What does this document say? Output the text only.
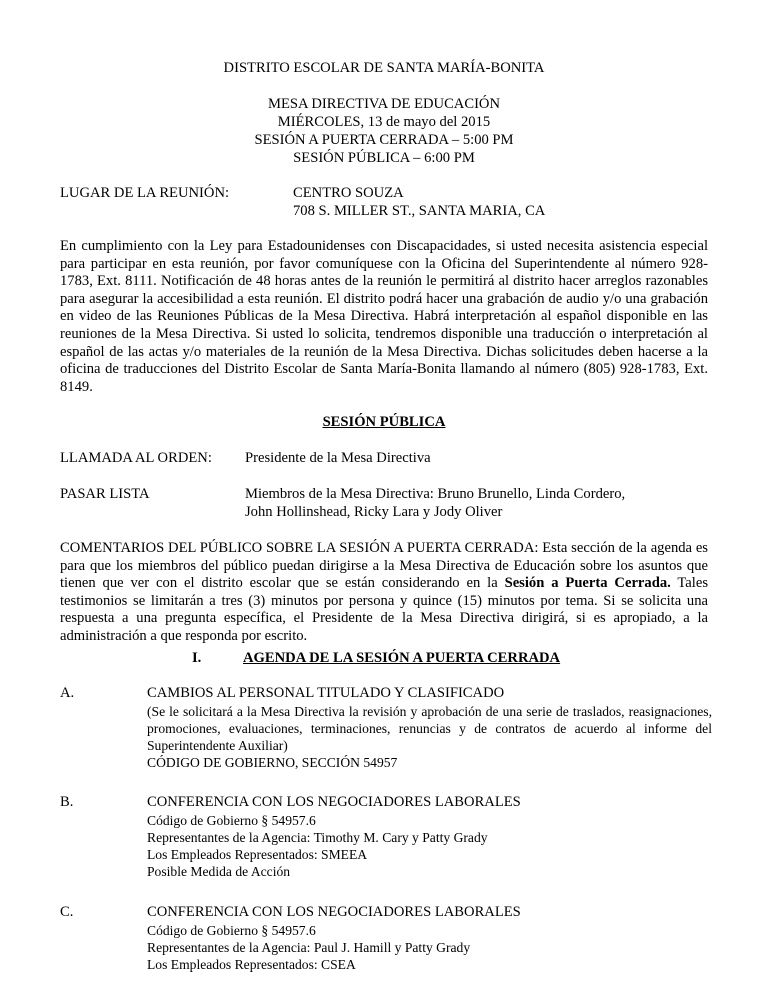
DISTRITO ESCOLAR DE SANTA MARÍA-BONITA
MESA DIRECTIVA DE EDUCACIÓN
MIÉRCOLES, 13 de mayo del 2015
SESIÓN A PUERTA CERRADA – 5:00 PM
SESIÓN PÚBLICA – 6:00 PM
LUGAR DE LA REUNIÓN:	CENTRO SOUZA
708 S. MILLER ST., SANTA MARIA, CA
En cumplimiento con la Ley para Estadounidenses con Discapacidades, si usted necesita asistencia especial para participar en esta reunión, por favor comuníquese con la Oficina del Superintendente al número 928-1783, Ext. 8111. Notificación de 48 horas antes de la reunión le permitirá al distrito hacer arreglos razonables para asegurar la accesibilidad a esta reunión. El distrito podrá hacer una grabación de audio y/o una grabación en video de las Reuniones Públicas de la Mesa Directiva. Habrá interpretación al español disponible en las reuniones de la Mesa Directiva. Si usted lo solicita, tendremos disponible una traducción o interpretación al español de las actas y/o materiales de la reunión de la Mesa Directiva. Dichas solicitudes deben hacerse a la oficina de traducciones del Distrito Escolar de Santa María-Bonita llamando al número (805) 928-1783, Ext. 8149.
SESIÓN PÚBLICA
LLAMADA AL ORDEN: Presidente de la Mesa Directiva
PASAR LISTA	Miembros de la Mesa Directiva: Bruno Brunello, Linda Cordero,
John Hollinshead, Ricky Lara y Jody Oliver
COMENTARIOS DEL PÚBLICO SOBRE LA SESIÓN A PUERTA CERRADA: Esta sección de la agenda es para que los miembros del público puedan dirigirse a la Mesa Directiva de Educación sobre los asuntos que tienen que ver con el distrito escolar que se están considerando en la Sesión a Puerta Cerrada. Tales testimonios se limitarán a tres (3) minutos por persona y quince (15) minutos por tema. Si se solicita una respuesta a una pregunta específica, el Presidente de la Mesa Directiva dirigirá, si es apropiado, a la administración a que responda por escrito.
I.	AGENDA DE LA SESIÓN A PUERTA CERRADA
A.	CAMBIOS AL PERSONAL TITULADO Y CLASIFICADO
(Se le solicitará a la Mesa Directiva la revisión y aprobación de una serie de traslados, reasignaciones, promociones, evaluaciones, terminaciones, renuncias y de contratos de acuerdo al informe del Superintendente Auxiliar)
CÓDIGO DE GOBIERNO, SECCIÓN 54957
B.	CONFERENCIA CON LOS NEGOCIADORES LABORALES
Código de Gobierno § 54957.6
Representantes de la Agencia: Timothy M. Cary y Patty Grady
Los Empleados Representados: SMEEA
Posible Medida de Acción
C.	CONFERENCIA CON LOS NEGOCIADORES LABORALES
Código de Gobierno § 54957.6
Representantes de la Agencia: Paul J. Hamill y Patty Grady
Los Empleados Representados: CSEA
